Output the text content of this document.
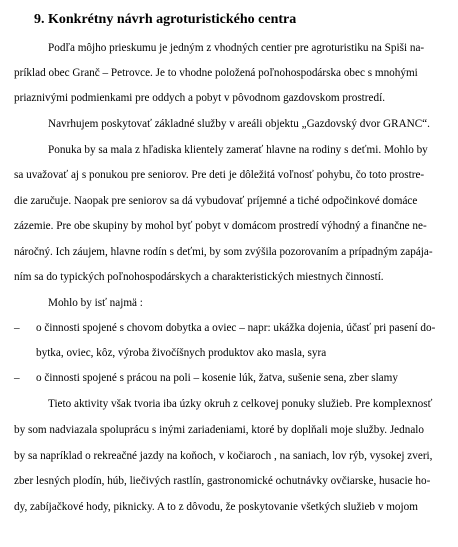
9. Konkrétny návrh agroturistického centra
Podľa môjho prieskumu je jedným z vhodných centier pre agroturistiku na Spiši na-
príklad obec Granč – Petrovce. Je to vhodne položená poľnohospodárska obec s mnohými
priaznivými podmienkami pre oddych a pobyt v pôvodnom gazdovskom prostredí.
Navrhujem poskytovať základné služby v areáli objektu „Gazdovský dvor GRANC“.
Ponuka by sa mala z hľadiska klientely zamerať hlavne na rodiny s deťmi. Mohlo by
sa uvažovať aj s ponukou pre seniorov. Pre deti je dôležitá voľnosť pohybu, čo toto prostre-
die zaručuje. Naopak pre seniorov sa dá vybudovať príjemné a tiché odpočinkové domáce
zázemie. Pre obe skupiny by mohol byť pobyt v domácom prostredí výhodný a finančne ne-
náročný. Ich záujem, hlavne rodín s deťmi, by som zvýšila pozorovaním a prípadným zapája-
ním sa do typických poľnohospodárskych a charakteristických miestnych činností.
Mohlo by isť najmä :
– o činnosti spojené s chovom dobytka a oviec – napr: ukážka dojenia, účasť pri pasení do-
bytka, oviec, kôz, výroba živočíšnych produktov ako masla, syra
– o činnosti spojené s prácou na poli – kosenie lúk, žatva, sušenie sena, zber slamy
Tieto aktivity však tvoria iba úzky okruh z celkovej ponuky služieb. Pre komplexnosť
by som nadviazala spoluprácu s inými zariadeniami, ktoré by doplňali moje služby. Jednalo
by sa napríklad o rekreačné jazdy na koňoch, v kočiaroch , na saniach, lov rýb, vysokej zveri,
zber lesných plodín, húb, liečivých rastlín, gastronomické ochutnávky ovčiarske, husacie ho-
dy, zabíjačkové hody, piknicky. A to z dôvodu, že poskytovanie všetkých služieb v mojom
